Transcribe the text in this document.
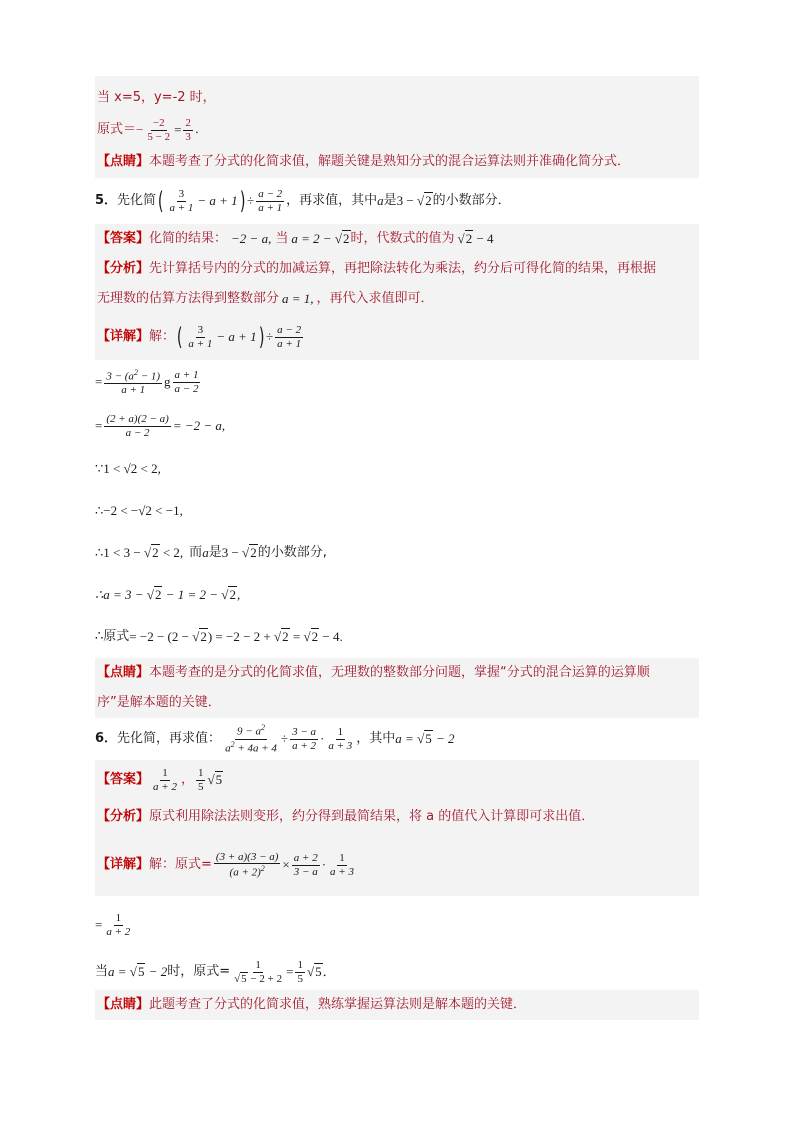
当 x=5，y=-2 时，
原式＝ − $\frac{-2}{5 - 2} = \frac{2}{3}$ ．
【点睛】 本题考查了分式的化简求值，解题关键是熟知分式的混合运算法则并准确化简分式．
5． 先化简 ( $\frac{3}{a + 1} - a + 1$ ) ÷ $\frac{a - 2}{a + 1}$ ，再求值，其中 a 是 3 − √2 的小数部分．
【答案】 化简的结果： −2 − a, 当 a = 2 − √2 时，代数式的值为 √2 − 4
【分析】 先计算括号内的分式的加减运算，再把除法转化为乘法，约分后可得化简的结果，再根据
无理数的估算方法得到整数部分 a = 1, ，再代入求值即可．
【详解】 解： ( $\frac{3}{a + 1} - a + 1$ ) ÷ $\frac{a - 2}{a + 1}$
= $\frac{3 - (a^2 - 1)}{a + 1}$ g $\frac{a + 1}{a - 2}$
= $\frac{(2 + a)(2 - a)}{a - 2} = -2 - a$,
∵1 < √2 < 2,
∴−2 < −√2 < −1,
∴1 < 3 − √2 < 2, 而 a 是 3 − √2 的小数部分,
∴a = 3 − √2 − 1 = 2 − √2,
∴原式 = −2 − (2 − √2) = −2 − 2 + √2 = √2 − 4.
【点睛】 本题考查的是分式的化简求值，无理数的整数部分问题，掌握“分式的混合运算的运算顺
序”是解本题的关键．
6． 先化简，再求值： $\frac{9 - a^2}{a^2 + 4a + 4} \div \frac{3 - a}{a + 2} \cdot \frac{1}{a + 3}$ ，其中 a = √5 − 2
【答案】 $\frac{1}{a + 2}$ ， $\frac{1}{5} √5$
【分析】 原式利用除法法则变形，约分得到最简结果，将 a 的值代入计算即可求出值．
【详解】 解：原式= $\frac{(3 + a)(3 - a)}{(a + 2)^2} \times \frac{a + 2}{3 - a} \cdot \frac{1}{a + 3}$
= $\frac{1}{a + 2}$
当 a = √5 − 2 时，原式= $\frac{1}{√5 - 2 + 2} = \frac{1}{5} √5$．
【点睛】 此题考查了分式的化简求值，熟练掌握运算法则是解本题的关键．
